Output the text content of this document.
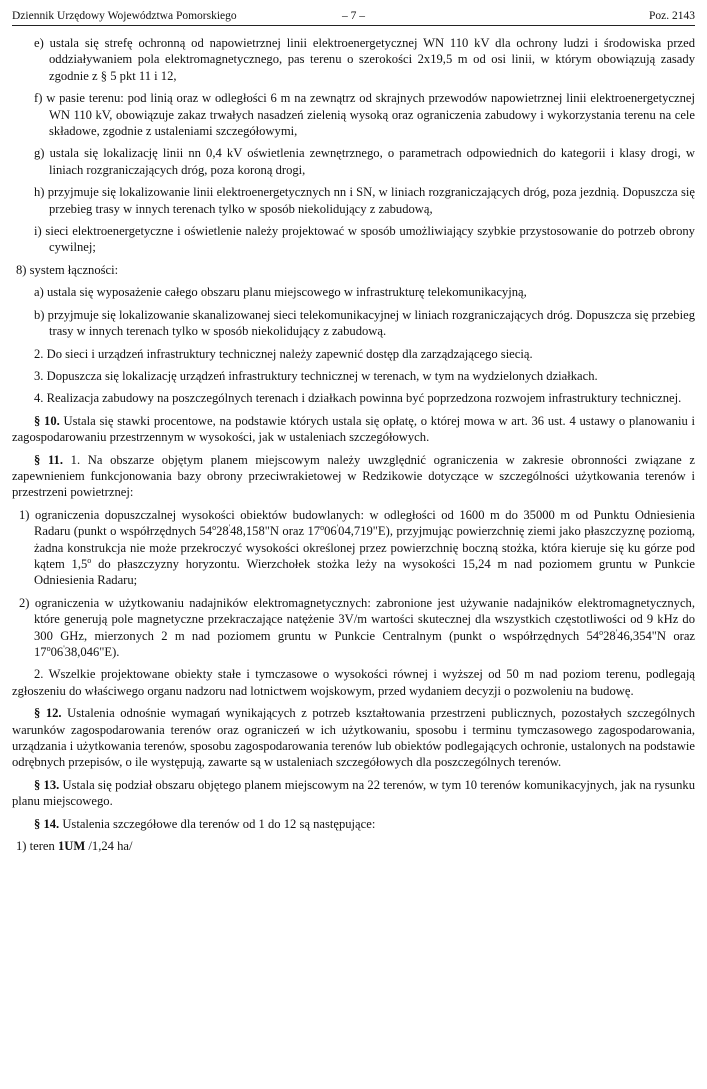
Dziennik Urzędowy Województwa Pomorskiego	– 7 –	Poz. 2143
e) ustala się strefę ochronną od napowietrznej linii elektroenergetycznej WN 110 kV dla ochrony ludzi i środowiska przed oddziaływaniem pola elektromagnetycznego, pas terenu o szerokości 2x19,5 m od osi linii, w którym obowiązują zasady zgodnie z § 5 pkt 11 i 12,
f) w pasie terenu: pod linią oraz w odległości 6 m na zewnątrz od skrajnych przewodów napowietrznej linii elektroenergetycznej WN 110 kV, obowiązuje zakaz trwałych nasadzeń zielenią wysoką oraz ograniczenia zabudowy i wykorzystania terenu na cele składowe, zgodnie z ustaleniami szczegółowymi,
g) ustala się lokalizację linii nn 0,4 kV oświetlenia zewnętrznego, o parametrach odpowiednich do kategorii i klasy drogi, w liniach rozgraniczających dróg, poza koroną drogi,
h) przyjmuje się lokalizowanie linii elektroenergetycznych nn i SN, w liniach rozgraniczających dróg, poza jezdnią. Dopuszcza się przebieg trasy w innych terenach tylko w sposób niekolidujący z zabudową,
i) sieci elektroenergetyczne i oświetlenie należy projektować w sposób umożliwiający szybkie przystosowanie do potrzeb obrony cywilnej;
8) system łączności:
a) ustala się wyposażenie całego obszaru planu miejscowego w infrastrukturę telekomunikacyjną,
b) przyjmuje się lokalizowanie skanalizowanej sieci telekomunikacyjnej w liniach rozgraniczających dróg. Dopuszcza się przebieg trasy w innych terenach tylko w sposób niekolidujący z zabudową.

2. Do sieci i urządzeń infrastruktury technicznej należy zapewnić dostęp dla zarządzającego siecią.

3. Dopuszcza się lokalizację urządzeń infrastruktury technicznej w terenach, w tym na wydzielonych działkach.

4. Realizacja zabudowy na poszczególnych terenach i działkach powinna być poprzedzona rozwojem infrastruktury technicznej.

§ 10. Ustala się stawki procentowe, na podstawie których ustala się opłatę, o której mowa w art. 36 ust. 4 ustawy o planowaniu i zagospodarowaniu przestrzennym w wysokości, jak w ustaleniach szczegółowych.

§ 11. 1. Na obszarze objętym planem miejscowym należy uwzględnić ograniczenia w zakresie obronności związane z zapewnieniem funkcjonowania bazy obrony przeciwrakietowej w Redzikowie dotyczące w szczególności użytkowania terenów i przestrzeni powietrznej:

1) ograniczenia dopuszczalnej wysokości obiektów budowlanych: w odległości od 1600 m do 35000 m od Punktu Odniesienia Radaru (punkt o współrzędnych 54$^o$28'48,158"N oraz 17$^o$06'04,719"E), przyjmując powierzchnię ziemi jako płaszczyznę poziomą, żadna konstrukcja nie może przekroczyć wysokości określonej przez powierzchnię boczną stożka, która kieruje się ku górze pod kątem 1,5$^o$ do płaszczyzny horyzontu. Wierzchołek stożka leży na wysokości 15,24 m nad poziomem gruntu w Punkcie Odniesienia Radaru;
2) ograniczenia w użytkowaniu nadajników elektromagnetycznych: zabronione jest używanie nadajników elektromagnetycznych, które generują pole magnetyczne przekraczające natężenie 3V/m wartości skutecznej dla wszystkich częstotliwości od 9 kHz do 300 GHz, mierzonych 2 m nad poziomem gruntu w Punkcie Centralnym (punkt o współrzędnych 54$^o$28'46,354"N oraz 17$^o$06'38,046"E).

2. Wszelkie projektowane obiekty stałe i tymczasowe o wysokości równej i wyższej od 50 m nad poziom terenu, podlegają zgłoszeniu do właściwego organu nadzoru nad lotnictwem wojskowym, przed wydaniem decyzji o pozwoleniu na budowę.

§ 12. Ustalenia odnośnie wymagań wynikających z potrzeb kształtowania przestrzeni publicznych, pozostałych szczególnych warunków zagospodarowania terenów oraz ograniczeń w ich użytkowaniu, sposobu i terminu tymczasowego zagospodarowania, urządzania i użytkowania terenów, sposobu zagospodarowania terenów lub obiektów podlegających ochronie, ustalonych na podstawie odrębnych przepisów, o ile występują, zawarte są w ustaleniach szczegółowych dla poszczególnych terenów.

§ 13. Ustala się podział obszaru objętego planem miejscowym na 22 terenów, w tym 10 terenów komunikacyjnych, jak na rysunku planu miejscowego.

§ 14. Ustalenia szczegółowe dla terenów od 1 do 12 są następujące:

1) teren 1UM /1,24 ha/
